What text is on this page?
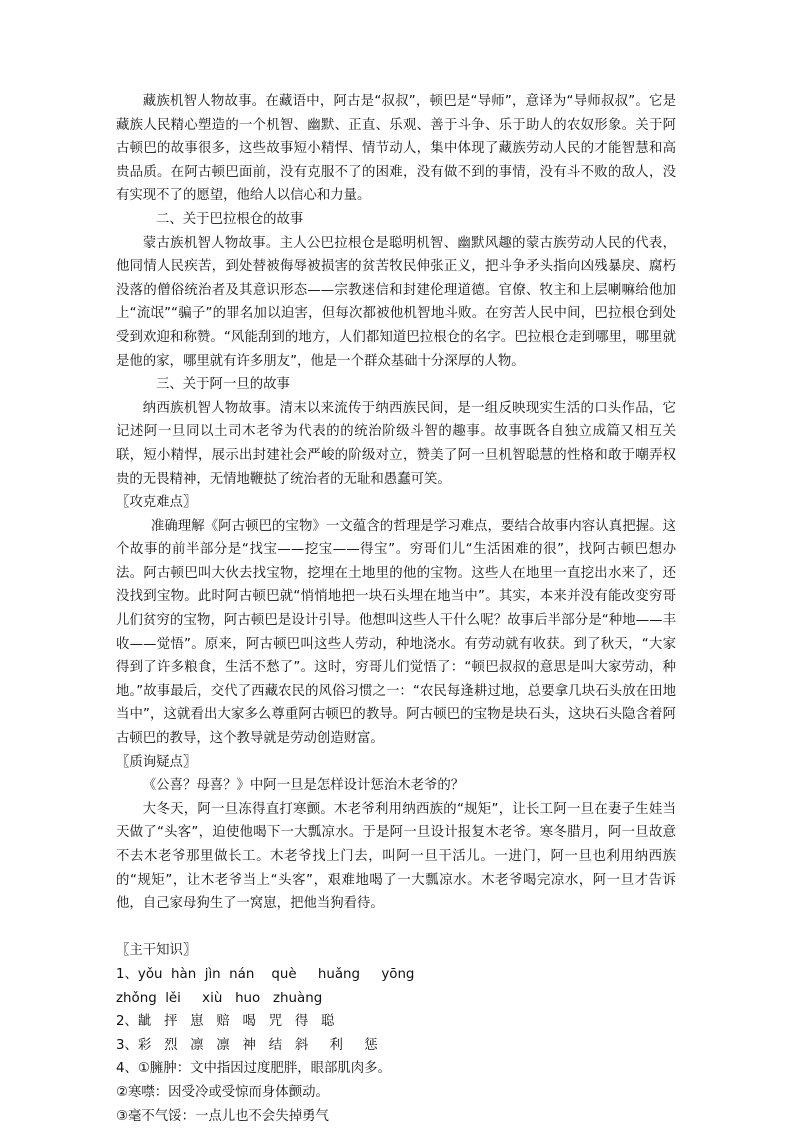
藏族机智人物故事。在藏语中，阿古是“叔叔”，顿巴是“导师”，意译为“导师叔叔”。它是藏族人民精心塑造的一个机智、幽默、正直、乐观、善于斗争、乐于助人的农奴形象。关于阿古顿巴的故事很多，这些故事短小精悍、情节动人，集中体现了藏族劳动人民的才能智慧和高贵品质。在阿古顿巴面前，没有克服不了的困难，没有做不到的事情，没有斗不败的敌人，没有实现不了的愿望，他给人以信心和力量。

二、关于巴拉根仓的故事

蒙古族机智人物故事。主人公巴拉根仓是聪明机智、幽默风趣的蒙古族劳动人民的代表，他同情人民疾苦，到处替被侮辱被损害的贫苦牧民伸张正义，把斗争矛头指向凶残暴戾、腐朽没落的僧俗统治者及其意识形态——宗教迷信和封建伦理道德。官僚、牧主和上层喇嘛给他加上“流氓”“骗子”的罪名加以迫害，但每次都被他机智地斗败。在穷苦人民中间，巴拉根仓到处受到欢迎和称赞。“风能刮到的地方，人们都知道巴拉根仓的名字。巴拉根仓走到哪里，哪里就是他的家，哪里就有许多朋友”，他是一个群众基础十分深厚的人物。

三、关于阿一旦的故事

纳西族机智人物故事。清末以来流传于纳西族民间，是一组反映现实生活的口头作品，它记述阿一旦同以土司木老爷为代表的的统治阶级斗智的趣事。故事既各自独立成篇又相互关联，短小精悍，展示出封建社会严峻的阶级对立，赞美了阿一旦机智聪慧的性格和敢于嘲弄权贵的无畏精神，无情地鞭挞了统治者的无耻和愚蠢可笑。

〖攻克难点〗

准确理解《阿古顿巴的宝物》一文蕴含的哲理是学习难点，要结合故事内容认真把握。这个故事的前半部分是“找宝——挖宝——得宝”。穷哥们儿“生活困难的很”，找阿古顿巴想办法。阿古顿巴叫大伙去找宝物，挖埋在土地里的他的宝物。这些人在地里一直挖出水来了，还没找到宝物。此时阿古顿巴就“悄悄地把一块石头埋在地当中”。其实，本来并没有能改变穷哥儿们贫穷的宝物，阿古顿巴是设计引导。他想叫这些人干什么呢？故事后半部分是“种地——丰收——觉悟”。原来，阿古顿巴叫这些人劳动，种地浇水。有劳动就有收获。到了秋天，“大家得到了许多粮食，生活不愁了”。这时，穷哥儿们觉悟了：“顿巴叔叔的意思是叫大家劳动，种地。”故事最后，交代了西藏农民的风俗习惯之一：“农民每逢耕过地，总要拿几块石头放在田地当中”，这就看出大家多么尊重阿古顿巴的教导。阿古顿巴的宝物是块石头，这块石头隐含着阿古顿巴的教导，这个教导就是劳动创造财富。

〖质询疑点〗

《公喜？母喜？》中阿一旦是怎样设计惩治木老爷的？

大冬天，阿一旦冻得直打寒颤。木老爷利用纳西族的“规矩”，让长工阿一旦在妻子生娃当天做了“头客”，迫使他喝下一大瓢凉水。于是阿一旦设计报复木老爷。寒冬腊月，阿一旦故意不去木老爷那里做长工。木老爷找上门去，叫阿一旦干活儿。一进门，阿一旦也利用纳西族的“规矩”，让木老爷当上“头客”，艰难地喝了一大瓢凉水。木老爷喝完凉水，阿一旦才告诉他，自己家母狗生了一窝崽，把他当狗看待。

〖主干知识〗

1、yǒu  hàn  jìn  nán    què     huǎng     yōng

zhǒng  lěi     xiù   huo   zhuàng

2、龇   抨   崽   赔   喝   咒   得   聪

3、彩   烈   凛   凛   神   结   斜     利     惩

4、①臃肿：文中指因过度肥胖，眼部肌肉多。

②寒噤：因受冷或受惊而身体颤动。

③毫不气馁：一点儿也不会失掉勇气
